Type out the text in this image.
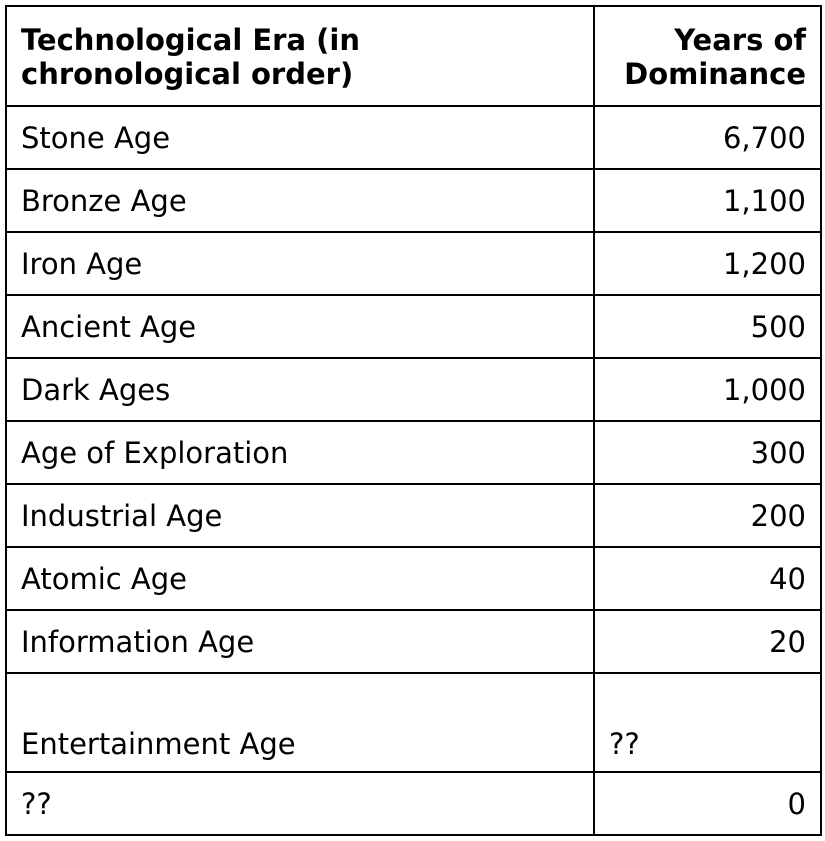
Technological Era (in chronological order)	Years of Dominance
Stone Age	6,700
Bronze Age	1,100
Iron Age	1,200
Ancient Age	500
Dark Ages	1,000
Age of Exploration	300
Industrial Age	200
Atomic Age	40
Information Age	20
Entertainment Age	??
??	0
